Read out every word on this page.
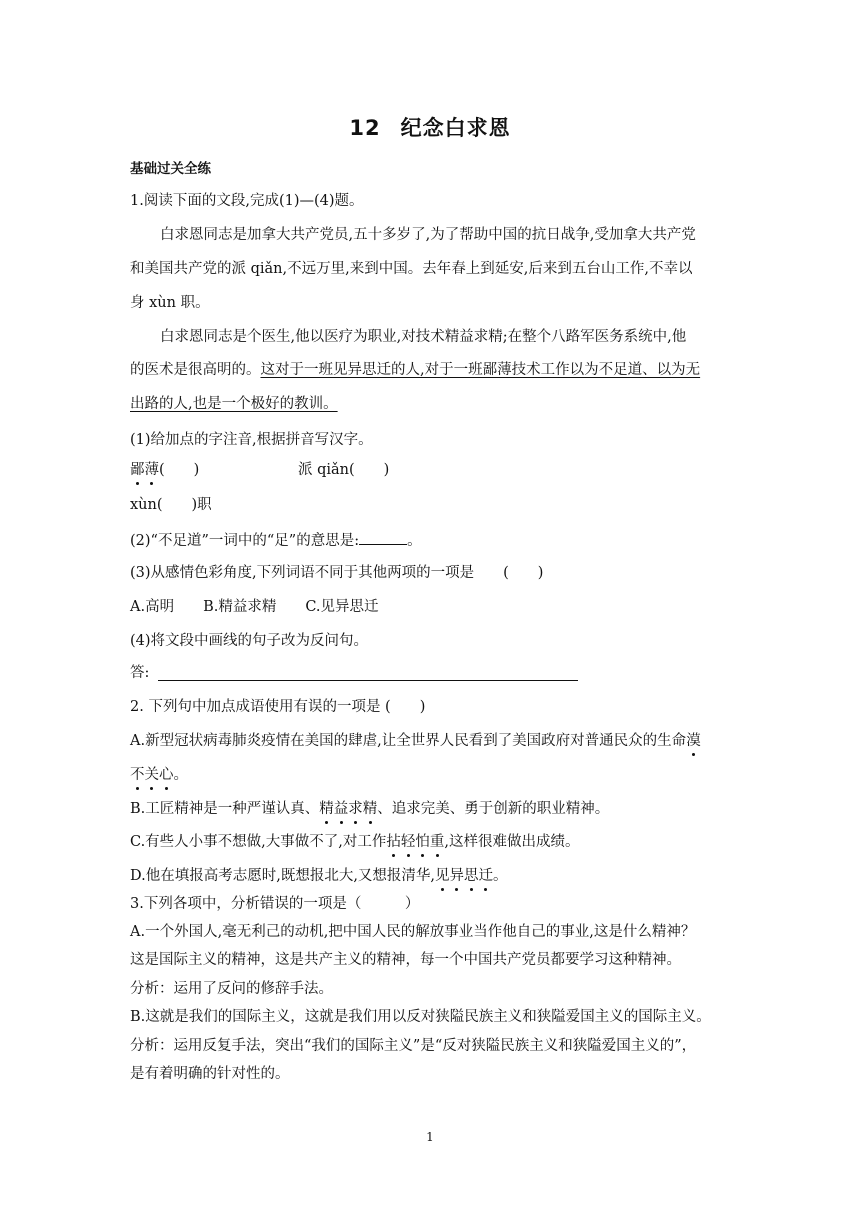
12 纪念白求恩
基础过关全练
1.阅读下面的文段,完成(1)—(4)题。
白求恩同志是加拿大共产党员,五十多岁了,为了帮助中国的抗日战争,受加拿大共产党
和美国共产党的派 qiǎn,不远万里,来到中国。去年春上到延安,后来到五台山工作,不幸以
身 xùn 职。
白求恩同志是个医生,他以医疗为职业,对技术精益求精;在整个八路军医务系统中,他
的医术是很高明的。这对于一班见异思迁的人,对于一班鄙薄技术工作以为不足道、以为无
出路的人,也是一个极好的教训。
(1)给加点的字注音,根据拼音写汉字。
鄙薄(　　)	派 qiǎn(　　)
xùn(　　)职
(2)“不足道”一词中的“足”的意思是:	。
(3)从感情色彩角度,下列词语不同于其他两项的一项是　　(　　)
A.高明　　B.精益求精　　C.见异思迁
(4)将文段中画线的句子改为反问句。
答:
2. 下列句中加点成语使用有误的一项是 (　　)
A.新型冠状病毒肺炎疫情在美国的肆虐,让全世界人民看到了美国政府对普通民众的生命漠
不关心。
B.工匠精神是一种严谨认真、精益求精、追求完美、勇于创新的职业精神。
C.有些人小事不想做,大事做不了,对工作拈轻怕重,这样很难做出成绩。
D.他在填报高考志愿时,既想报北大,又想报清华,见异思迁。
3.下列各项中，分析错误的一项是（　　　）
A.一个外国人,毫无利己的动机,把中国人民的解放事业当作他自己的事业,这是什么精神？
这是国际主义的精神，这是共产主义的精神，每一个中国共产党员都要学习这种精神。
分析：运用了反问的修辞手法。
B.这就是我们的国际主义，这就是我们用以反对狭隘民族主义和狭隘爱国主义的国际主义。
分析：运用反复手法，突出“我们的国际主义”是“反对狭隘民族主义和狭隘爱国主义的”，
是有着明确的针对性的。
1
